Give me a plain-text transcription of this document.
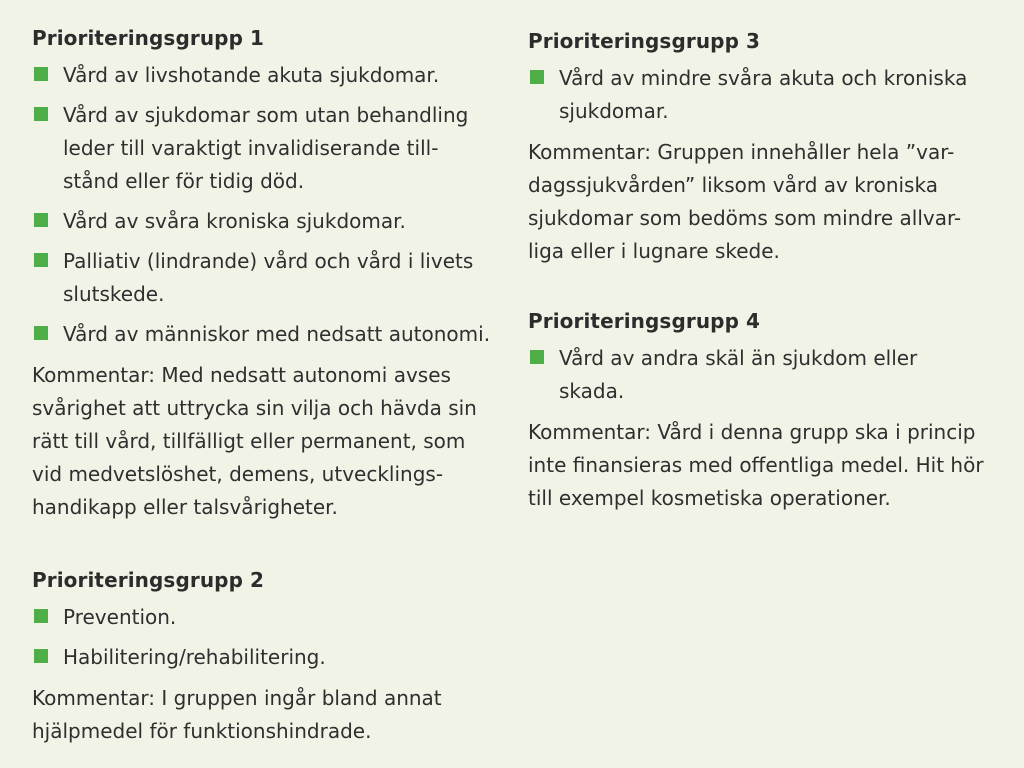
Prioriteringsgrupp 1
Vård av livshotande akuta sjukdomar.
Vård av sjukdomar som utan behandling leder till varaktigt invalidiserande till- stånd eller för tidig död.
Vård av svåra kroniska sjukdomar.
Palliativ (lindrande) vård och vård i livets slutskede.
Vård av människor med nedsatt autonomi.

Kommentar: Med nedsatt autonomi avses svårighet att uttrycka sin vilja och hävda sin rätt till vård, tillfälligt eller permanent, som vid medvetslöshet, demens, utvecklings- handikapp eller talsvårigheter.

Prioriteringsgrupp 2
Prevention.
Habilitering/rehabilitering.

Kommentar: I gruppen ingår bland annat hjälpmedel för funktionshindrade.

Prioriteringsgrupp 3
Vård av mindre svåra akuta och kroniska sjukdomar.

Kommentar: Gruppen innehåller hela ”var- dagssjukvården” liksom vård av kroniska sjukdomar som bedöms som mindre allvar- liga eller i lugnare skede.

Prioriteringsgrupp 4
Vård av andra skäl än sjukdom eller skada.

Kommentar: Vård i denna grupp ska i princip inte finansieras med offentliga medel. Hit hör till exempel kosmetiska operationer.
